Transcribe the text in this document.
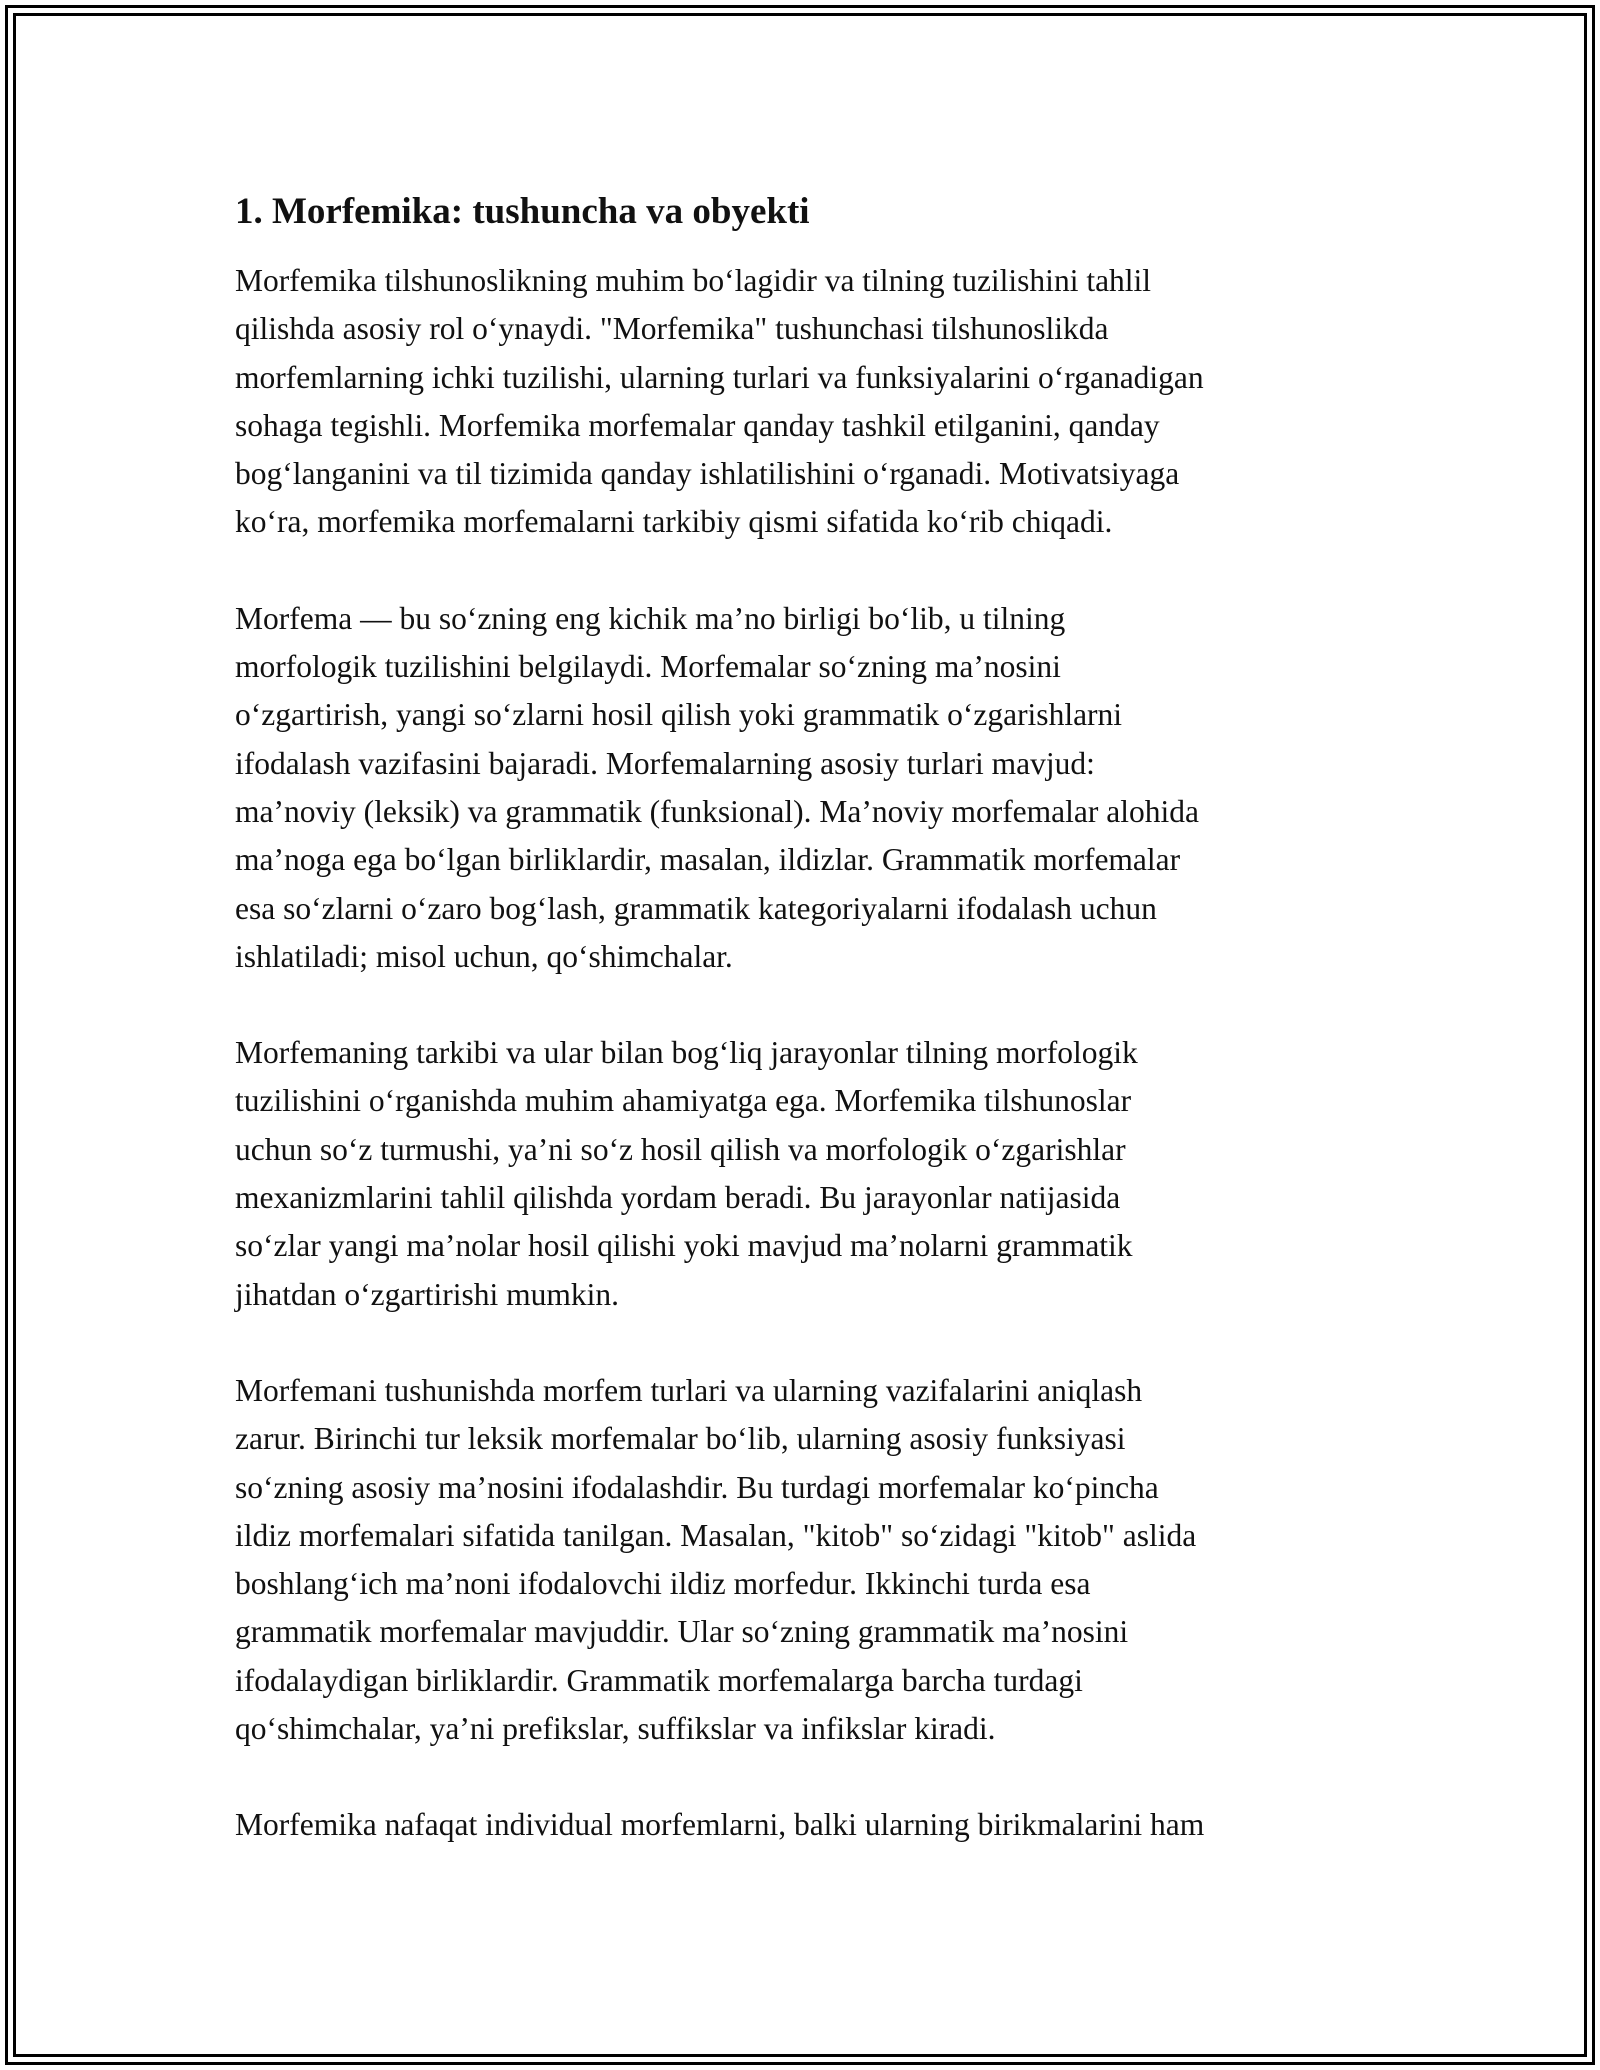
1. Morfemika: tushuncha va obyekti
Morfemika tilshunoslikning muhim bo‘lagidir va tilning tuzilishini tahlil
qilishda asosiy rol o‘ynaydi. "Morfemika" tushunchasi tilshunoslikda
morfemlarning ichki tuzilishi, ularning turlari va funksiyalarini o‘rganadigan
sohaga tegishli. Morfemika morfemalar qanday tashkil etilganini, qanday
bog‘langanini va til tizimida qanday ishlatilishini o‘rganadi. Motivatsiyaga
ko‘ra, morfemika morfemalarni tarkibiy qismi sifatida ko‘rib chiqadi.
Morfema — bu so‘zning eng kichik ma’no birligi bo‘lib, u tilning
morfologik tuzilishini belgilaydi. Morfemalar so‘zning ma’nosini
o‘zgartirish, yangi so‘zlarni hosil qilish yoki grammatik o‘zgarishlarni
ifodalash vazifasini bajaradi. Morfemalarning asosiy turlari mavjud:
ma’noviy (leksik) va grammatik (funksional). Ma’noviy morfemalar alohida
ma’noga ega bo‘lgan birliklardir, masalan, ildizlar. Grammatik morfemalar
esa so‘zlarni o‘zaro bog‘lash, grammatik kategoriyalarni ifodalash uchun
ishlatiladi; misol uchun, qo‘shimchalar.
Morfemaning tarkibi va ular bilan bog‘liq jarayonlar tilning morfologik
tuzilishini o‘rganishda muhim ahamiyatga ega. Morfemika tilshunoslar
uchun so‘z turmushi, ya’ni so‘z hosil qilish va morfologik o‘zgarishlar
mexanizmlarini tahlil qilishda yordam beradi. Bu jarayonlar natijasida
so‘zlar yangi ma’nolar hosil qilishi yoki mavjud ma’nolarni grammatik
jihatdan o‘zgartirishi mumkin.
Morfemani tushunishda morfem turlari va ularning vazifalarini aniqlash
zarur. Birinchi tur leksik morfemalar bo‘lib, ularning asosiy funksiyasi
so‘zning asosiy ma’nosini ifodalashdir. Bu turdagi morfemalar ko‘pincha
ildiz morfemalari sifatida tanilgan. Masalan, "kitob" so‘zidagi "kitob" aslida
boshlang‘ich ma’noni ifodalovchi ildiz morfedur. Ikkinchi turda esa
grammatik morfemalar mavjuddir. Ular so‘zning grammatik ma’nosini
ifodalaydigan birliklardir. Grammatik morfemalarga barcha turdagi
qo‘shimchalar, ya’ni prefikslar, suffikslar va infikslar kiradi.
Morfemika nafaqat individual morfemlarni, balki ularning birikmalarini ham
